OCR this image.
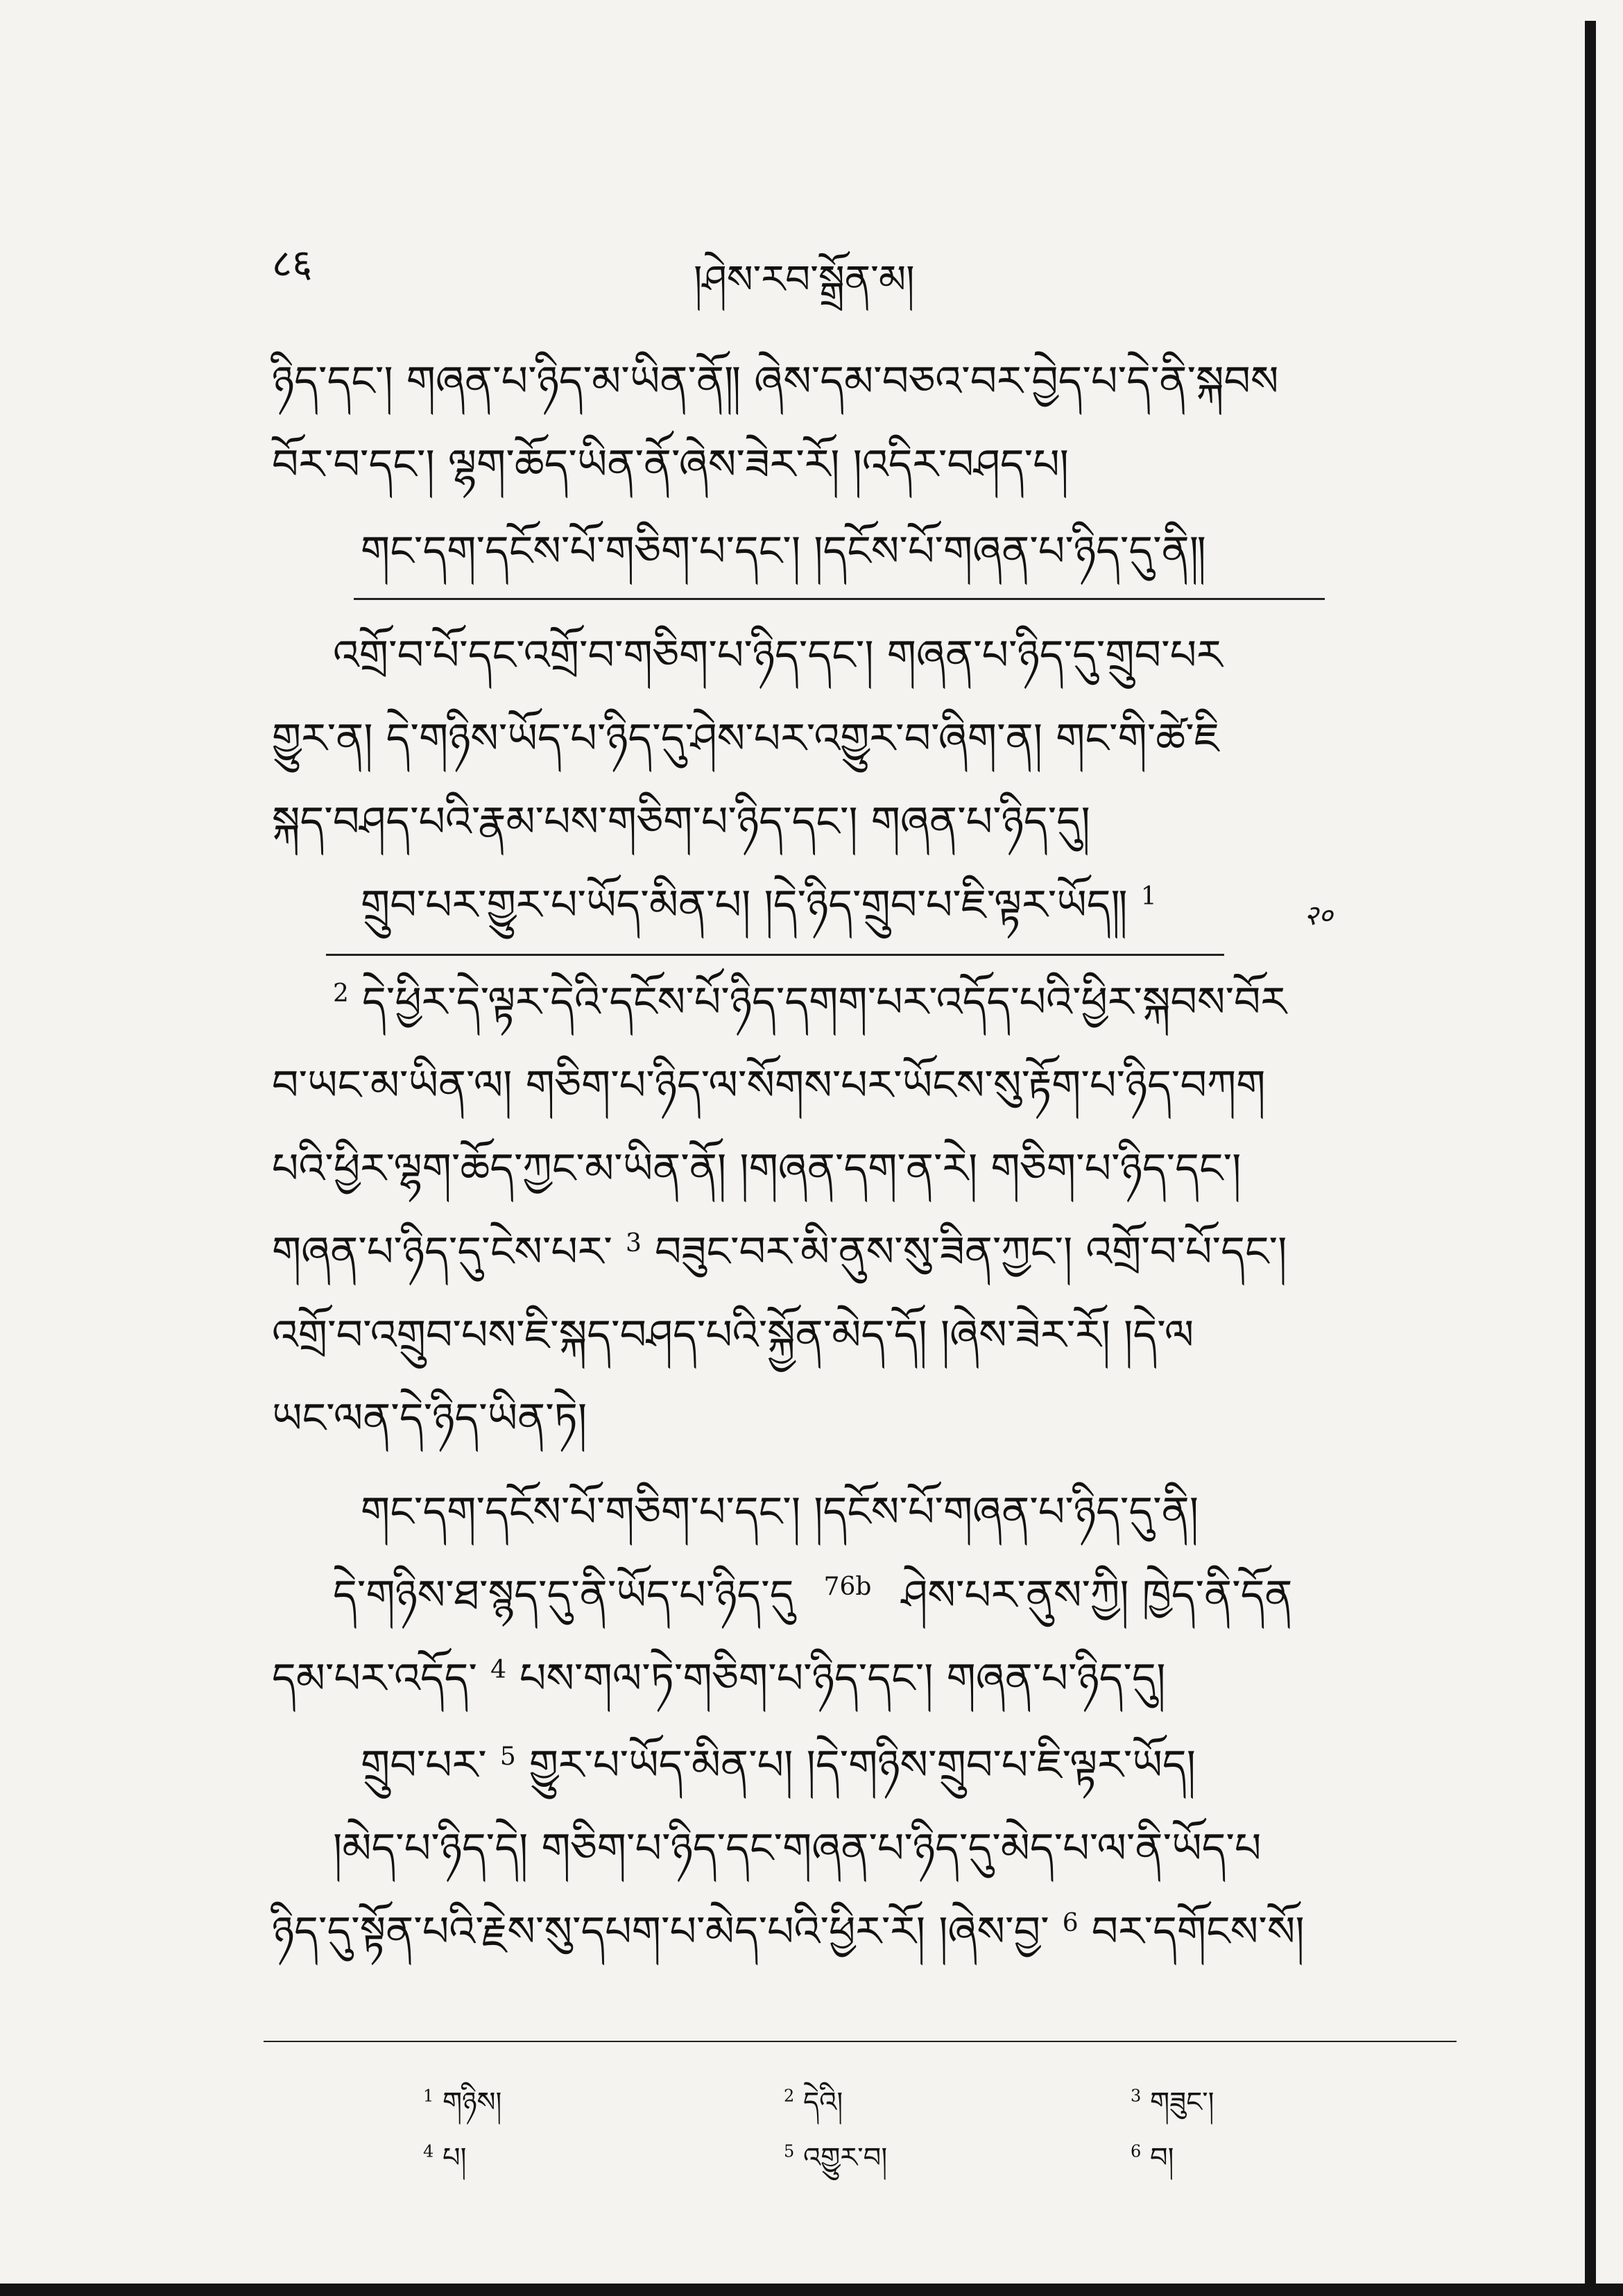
८६	།ཤེས་རབ་སྒྲོན་མ།
ཉིད་དང་། གཞན་པ་ཉིད་མ་ཡིན་ནོ༎ ཞེས་དམ་བཅའ་བར་བྱེད་པ་དེ་ནི་སྐབས
བོར་བ་དང་། ལྷག་ཆོད་ཡིན་ནོ་ཞེས་ཟེར་རོ། །འདིར་བཤད་པ།
གང་དག་དངོས་པོ་གཅིག་པ་དང་། །དངོས་པོ་གཞན་པ་ཉིད་དུ་ནི༎
འགྲོ་བ་པོ་དང་འགྲོ་བ་གཅིག་པ་ཉིད་དང་། གཞན་པ་ཉིད་དུ་གྲུབ་པར
གྱུར་ན། དེ་གཉིས་ཡོད་པ་ཉིད་དུ་ཤེས་པར་འགྱུར་བ་ཞིག་ན། གང་གི་ཚེ་ཇི
སྐད་བཤད་པའི་རྣམ་པས་གཅིག་པ་ཉིད་དང་། གཞན་པ་ཉིད་དུ།
གྲུབ་པར་གྱུར་པ་ཡོད་མིན་པ། །དེ་ཉིད་གྲུབ་པ་ཇི་ལྟར་ཡོད༎ $^1$
२०
$^2$ དེ་ཕྱིར་དེ་ལྟར་དེའི་དངོས་པོ་ཉིད་དགག་པར་འདོད་པའི་ཕྱིར་སྐབས་བོར
བ་ཡང་མ་ཡིན་ལ། གཅིག་པ་ཉིད་ལ་སོགས་པར་ཡོངས་སུ་རྟོག་པ་ཉིད་བཀག
པའི་ཕྱིར་ལྷག་ཆོད་ཀྱང་མ་ཡིན་ནོ། །གཞན་དག་ན་རེ། གཅིག་པ་ཉིད་དང་།
གཞན་པ་ཉིད་དུ་ངེས་པར་ $^3$ བཟུང་བར་མི་ནུས་སུ་ཟིན་ཀྱང་། འགྲོ་བ་པོ་དང་།
འགྲོ་བ་འགྲུབ་པས་ཇི་སྐད་བཤད་པའི་སྐྱོན་མེད་དོ། །ཞེས་ཟེར་རོ། །དེ་ལ
ཡང་ལན་དེ་ཉིད་ཡིན་ཏེ།
གང་དག་དངོས་པོ་གཅིག་པ་དང་། །དངོས་པོ་གཞན་པ་ཉིད་དུ་ནི།
དེ་གཉིས་ཐ་སྙད་དུ་ནི་ཡོད་པ་ཉིད་དུ $^{76b}$ ཤེས་པར་ནུས་ཀྱི། ཁྱེད་ནི་དོན
དམ་པར་འདོད་ $^4$ པས་གལ་ཏེ་གཅིག་པ་ཉིད་དང་། གཞན་པ་ཉིད་དུ།
གྲུབ་པར་ $^5$ གྱུར་པ་ཡོད་མིན་པ། །དེ་གཉིས་གྲུབ་པ་ཇི་ལྟར་ཡོད།
།མེད་པ་ཉིད་དེ། གཅིག་པ་ཉིད་དང་གཞན་པ་ཉིད་དུ་མེད་པ་ལ་ནི་ཡོད་པ
ཉིད་དུ་སྟོན་པའི་རྗེས་སུ་དཔག་པ་མེད་པའི་ཕྱིར་རོ། །ཞེས་བྱ་ $^6$ བར་དགོངས་སོ།
$^1$ གཉིས།	$^2$ དེའི།	$^3$ གཟུང་།
$^4$ པ།	$^5$ འགྱུར་བ།	$^6$ བ།
